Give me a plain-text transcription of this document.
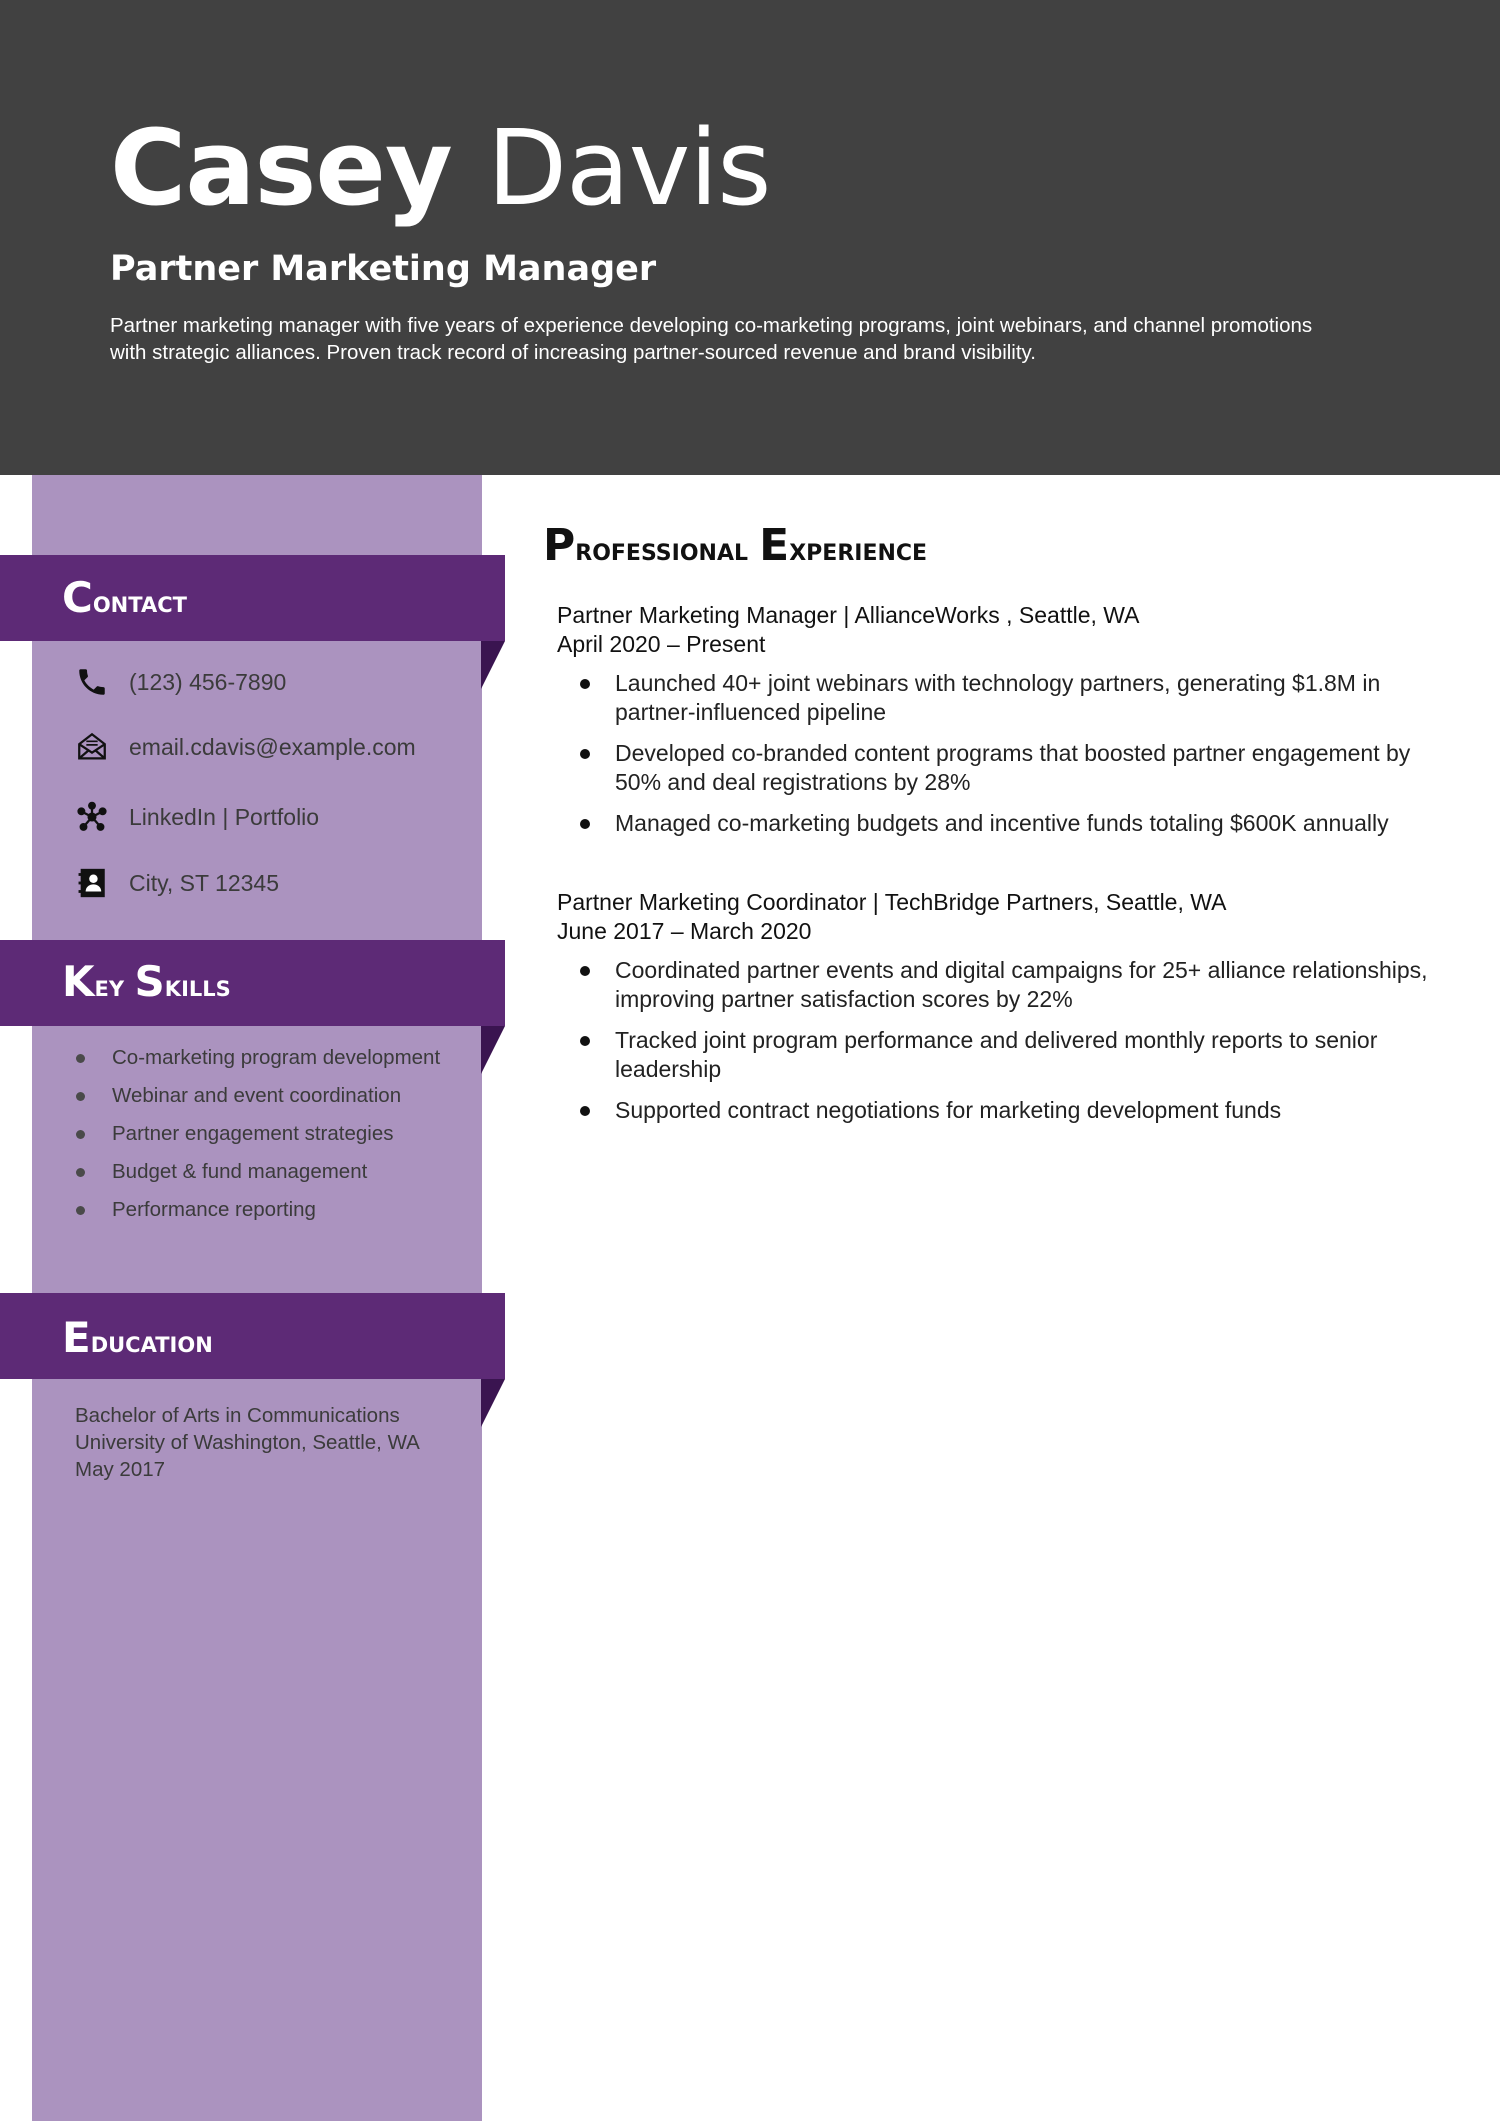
Casey Davis
Partner Marketing Manager

Partner marketing manager with five years of experience developing co-marketing programs, joint webinars, and channel promotions with strategic alliances. Proven track record of increasing partner-sourced revenue and brand visibility.

Contact
(123) 456-7890
email.cdavis@example.com
LinkedIn | Portfolio
City, ST 12345
Key Skills
Co-marketing program development
Webinar and event coordination
Partner engagement strategies
Budget & fund management
Performance reporting
Education
Bachelor of Arts in Communications
University of Washington, Seattle, WA
May 2017
Professional Experience
Partner Marketing Manager | AllianceWorks , Seattle, WA
April 2020 – Present
Launched 40+ joint webinars with technology partners, generating $1.8M in partner-influenced pipeline
Developed co-branded content programs that boosted partner engagement by 50% and deal registrations by 28%
Managed co-marketing budgets and incentive funds totaling $600K annually
Partner Marketing Coordinator | TechBridge Partners, Seattle, WA
June 2017 – March 2020
Coordinated partner events and digital campaigns for 25+ alliance relationships, improving partner satisfaction scores by 22%
Tracked joint program performance and delivered monthly reports to senior leadership
Supported contract negotiations for marketing development funds
